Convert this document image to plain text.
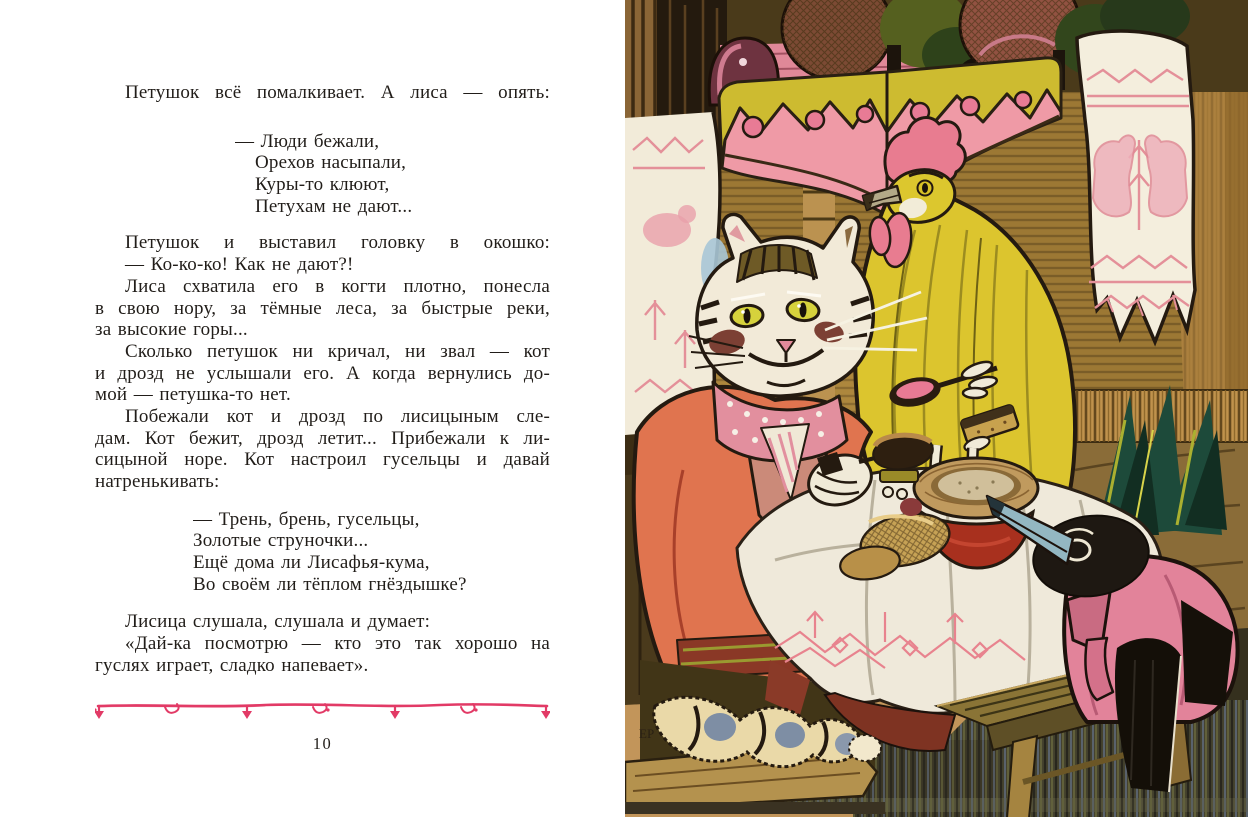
Петушок всё помалкивает. А лиса — опять:
— Люди бежали,
Орехов насыпали,
Куры-то клюют,
Петухам не дают...
Петушок и выставил головку в окошко:
— Ко-ко-ко! Как не дают?!
Лиса схватила его в когти плотно, понесла
в свою нору, за тёмные леса, за быстрые реки,
за высокие горы...
Сколько петушок ни кричал, ни звал — кот
и дрозд не услышали его. А когда вернулись до-
мой — петушка-то нет.
Побежали кот и дрозд по лисицыным сле-
дам. Кот бежит, дрозд летит... Прибежали к ли-
сицыной норе. Кот настроил гусельцы и давай
натренькивать:
— Трень, брень, гусельцы,
Золотые струночки...
Ещё дома ли Лисафья-кума,
Во своём ли тёплом гнёздышке?
Лисица слушала, слушала и думает:
«Дай-ка посмотрю — кто это так хорошо на
гуслях играет, сладко напевает».
10
ЕР
